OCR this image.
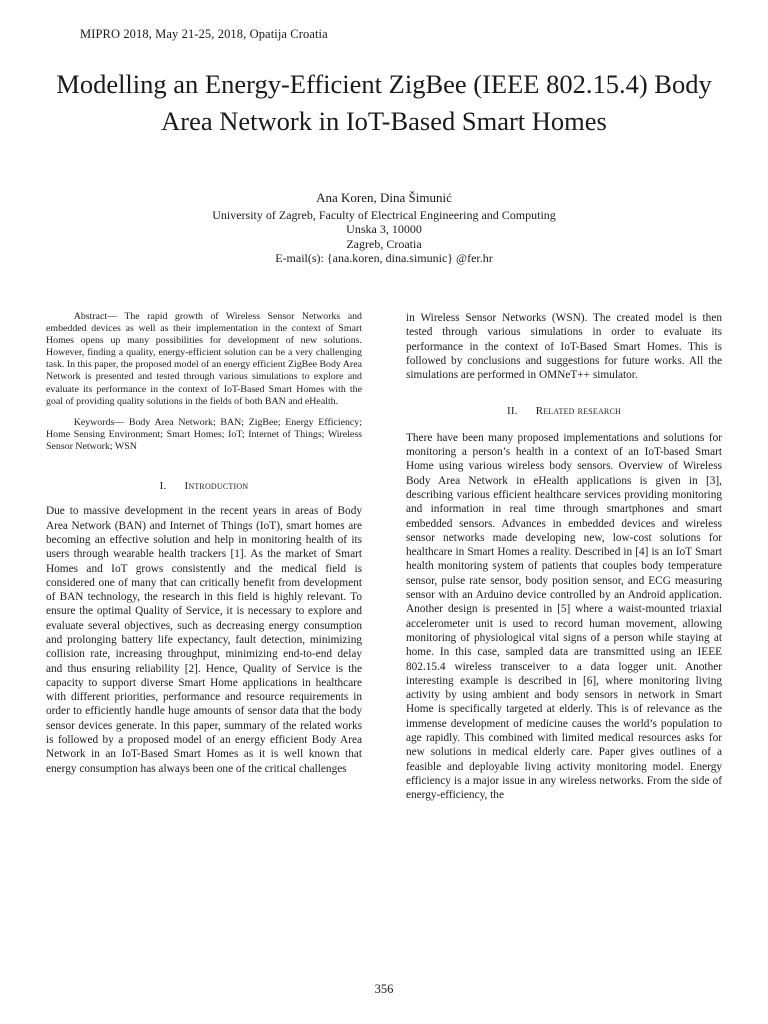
MIPRO 2018, May 21-25, 2018, Opatija Croatia
Modelling an Energy-Efficient ZigBee (IEEE 802.15.4) Body Area Network in IoT-Based Smart Homes
Ana Koren, Dina Šimunić
University of Zagreb, Faculty of Electrical Engineering and Computing
Unska 3, 10000
Zagreb, Croatia
E-mail(s): {ana.koren, dina.simunic} @fer.hr

Abstract— The rapid growth of Wireless Sensor Networks and embedded devices as well as their implementation in the context of Smart Homes opens up many possibilities for development of new solutions. However, finding a quality, energy-efficient solution can be a very challenging task. In this paper, the proposed model of an energy efficient ZigBee Body Area Network is presented and tested through various simulations to explore and evaluate its performance in the context of IoT-Based Smart Homes with the goal of providing quality solutions in the fields of both BAN and eHealth.

Keywords— Body Area Network; BAN; ZigBee; Energy Efficiency; Home Sensing Environment; Smart Homes; IoT; Internet of Things; Wireless Sensor Network; WSN

I. Introduction

Due to massive development in the recent years in areas of Body Area Network (BAN) and Internet of Things (IoT), smart homes are becoming an effective solution and help in monitoring health of its users through wearable health trackers [1]. As the market of Smart Homes and IoT grows consistently and the medical field is considered one of many that can critically benefit from development of BAN technology, the research in this field is highly relevant. To ensure the optimal Quality of Service, it is necessary to explore and evaluate several objectives, such as decreasing energy consumption and prolonging battery life expectancy, fault detection, minimizing collision rate, increasing throughput, minimizing end-to-end delay and thus ensuring reliability [2]. Hence, Quality of Service is the capacity to support diverse Smart Home applications in healthcare with different priorities, performance and resource requirements in order to efficiently handle huge amounts of sensor data that the body sensor devices generate. In this paper, summary of the related works is followed by a proposed model of an energy efficient Body Area Network in an IoT-Based Smart Homes as it is well known that energy consumption has always been one of the critical challenges

in Wireless Sensor Networks (WSN). The created model is then tested through various simulations in order to evaluate its performance in the context of IoT-Based Smart Homes. This is followed by conclusions and suggestions for future works. All the simulations are performed in OMNeT++ simulator.

II. Related research

There have been many proposed implementations and solutions for monitoring a person’s health in a context of an IoT-based Smart Home using various wireless body sensors. Overview of Wireless Body Area Network in eHealth applications is given in [3], describing various efficient healthcare services providing monitoring and information in real time through smartphones and smart embedded sensors. Advances in embedded devices and wireless sensor networks made developing new, low-cost solutions for healthcare in Smart Homes a reality. Described in [4] is an IoT Smart health monitoring system of patients that couples body temperature sensor, pulse rate sensor, body position sensor, and ECG measuring sensor with an Arduino device controlled by an Android application. Another design is presented in [5] where a waist-mounted triaxial accelerometer unit is used to record human movement, allowing monitoring of physiological vital signs of a person while staying at home. In this case, sampled data are transmitted using an IEEE 802.15.4 wireless transceiver to a data logger unit. Another interesting example is described in [6], where monitoring living activity by using ambient and body sensors in network in Smart Home is specifically targeted at elderly. This is of relevance as the immense development of medicine causes the world’s population to age rapidly. This combined with limited medical resources asks for new solutions in medical elderly care. Paper gives outlines of a feasible and deployable living activity monitoring model. Energy efficiency is a major issue in any wireless networks. From the side of energy-efficiency, the

356
